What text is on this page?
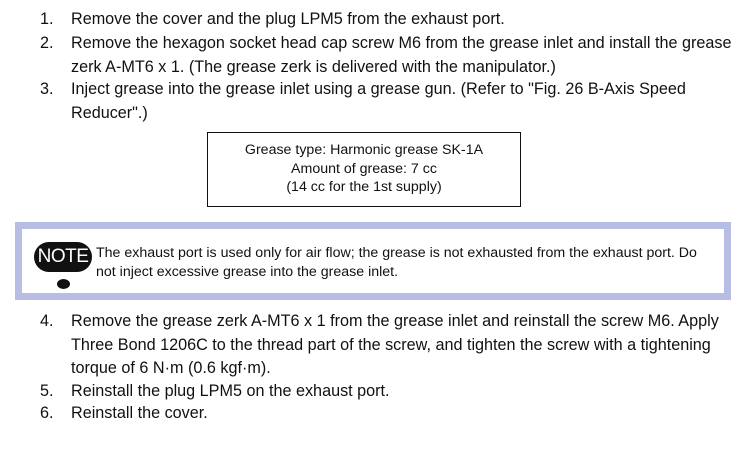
1. Remove the cover and the plug LPM5 from the exhaust port.
2. Remove the hexagon socket head cap screw M6 from the grease inlet and install the grease zerk A-MT6 x 1. (The grease zerk is delivered with the manipulator.)
3. Inject grease into the grease inlet using a grease gun. (Refer to "Fig. 26 B-Axis Speed Reducer".)
Grease type: Harmonic grease SK-1A
Amount of grease: 7 cc
(14 cc for the 1st supply)
NOTE The exhaust port is used only for air flow; the grease is not exhausted from the exhaust port. Do not inject excessive grease into the grease inlet.
4. Remove the grease zerk A-MT6 x 1 from the grease inlet and reinstall the screw M6. Apply Three Bond 1206C to the thread part of the screw, and tighten the screw with a tightening torque of 6 N·m (0.6 kgf·m).
5. Reinstall the plug LPM5 on the exhaust port.
6. Reinstall the cover.
